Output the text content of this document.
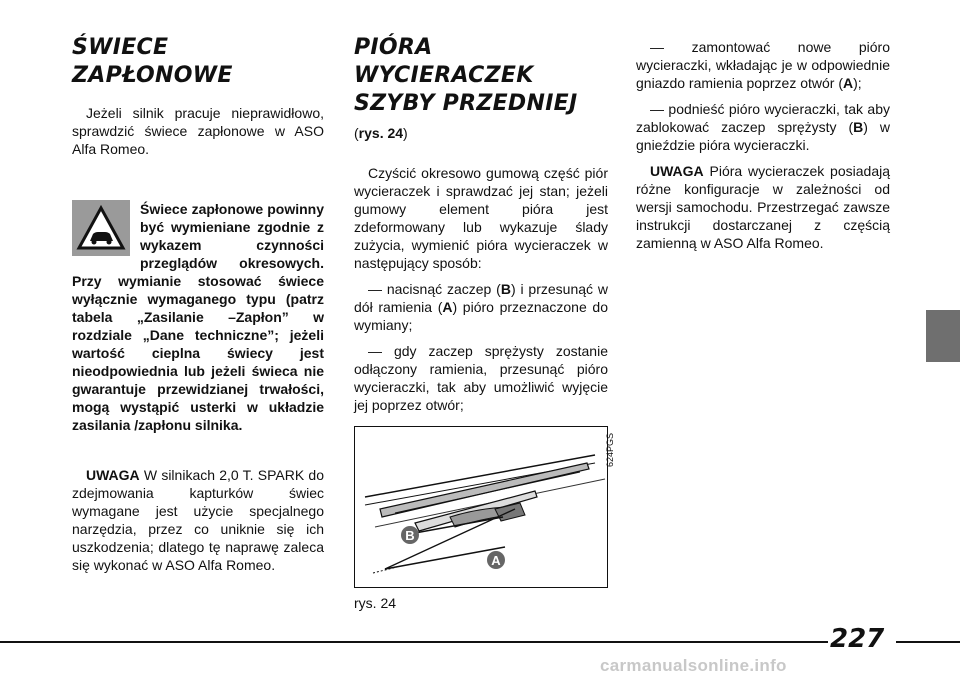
ŚWIECE ZAPŁONOWE

Jeżeli silnik pracuje nieprawidłowo, sprawdzić świece zapłonowe w ASO Alfa Romeo.

Świece zapłonowe powinny być wymieniane zgodnie z wykazem czynności przeglądów okresowych. Przy wymianie stosować świece wyłącznie wymaganego typu (patrz tabela „Zasilanie –Zapłon” w rozdziale „Dane techniczne”; jeżeli wartość cieplna świecy jest nieodpowiednia lub jeżeli świeca nie gwarantuje przewidzianej trwałości, mogą wystąpić usterki w układzie zasilania /zapłonu silnika.

UWAGA W silnikach 2,0 T. SPARK do zdejmowania kapturków świec wymagane jest użycie specjalnego narzędzia, przez co uniknie się ich uszkodzenia; dlatego tę naprawę zaleca się wykonać w ASO Alfa Romeo.

PIÓRA WYCIERACZEK
SZYBY PRZEDNIEJ

(rys. 24)

Czyścić okresowo gumową część piór wycieraczek i sprawdzać jej stan; jeżeli gumowy element pióra jest zdeformowany lub wykazuje ślady zużycia, wymienić pióra wycieraczek w następujący sposób:

— nacisnąć zaczep (B) i przesunąć w dół ramienia (A) pióro przeznaczone do wymiany;

— gdy zaczep sprężysty zostanie odłączony ramienia, przesunąć pióro wycieraczki, tak aby umożliwić wyjęcie jej poprzez otwór;

B
A
624PGS
rys. 24

— zamontować nowe pióro wycieraczki, wkładając je w odpowiednie gniazdo ramienia poprzez otwór (A);

— podnieść pióro wycieraczki, tak aby zablokować zaczep sprężysty (B) w gnieździe pióra wycieraczki.

UWAGA Pióra wycieraczek posiadają różne konfiguracje w zależności od wersji samochodu. Przestrzegać zawsze instrukcji dostarczanej z częścią zamienną w ASO Alfa Romeo.

227
carmanualsonline.info
